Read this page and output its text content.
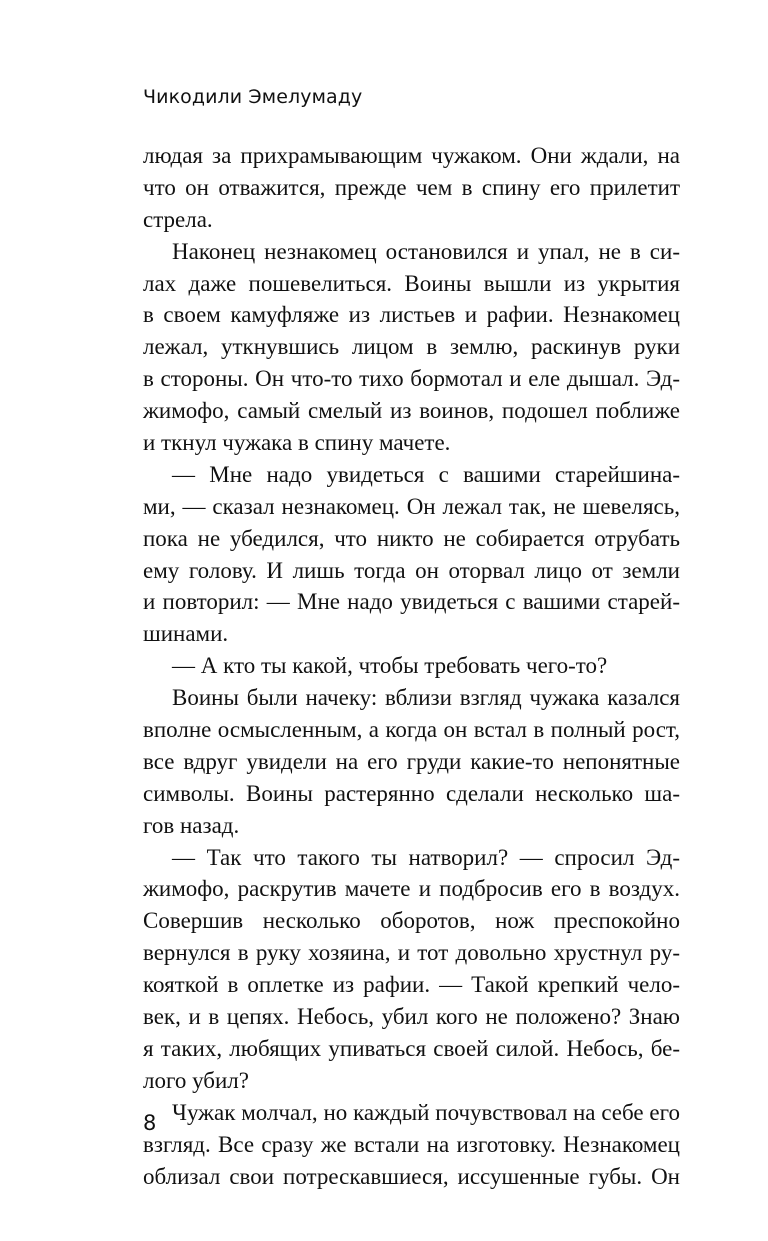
Чикодили Эмелумаду
людая за прихрамывающим чужаком. Они ждали, на
что он отважится, прежде чем в спину его прилетит
стрела.
Наконец незнакомец остановился и упал, не в си-
лах даже пошевелиться. Воины вышли из укрытия
в своем камуфляже из листьев и рафии. Незнакомец
лежал, уткнувшись лицом в землю, раскинув руки
в стороны. Он что-то тихо бормотал и еле дышал. Эд-
жимофо, самый смелый из воинов, подошел поближе
и ткнул чужака в спину мачете.
— Мне надо увидеться с вашими старейшина-
ми, — сказал незнакомец. Он лежал так, не шевелясь,
пока не убедился, что никто не собирается отрубать
ему голову. И лишь тогда он оторвал лицо от земли
и повторил: — Мне надо увидеться с вашими старей-
шинами.
— А кто ты какой, чтобы требовать чего-то?
Воины были начеку: вблизи взгляд чужака казался
вполне осмысленным, а когда он встал в полный рост,
все вдруг увидели на его груди какие-то непонятные
символы. Воины растерянно сделали несколько ша-
гов назад.
— Так что такого ты натворил? — спросил Эд-
жимофо, раскрутив мачете и подбросив его в воздух.
Совершив несколько оборотов, нож преспокойно
вернулся в руку хозяина, и тот довольно хрустнул ру-
кояткой в оплетке из рафии. — Такой крепкий чело-
век, и в цепях. Небось, убил кого не положено? Знаю
я таких, любящих упиваться своей силой. Небось, бе-
лого убил?
Чужак молчал, но каждый почувствовал на себе его
взгляд. Все сразу же встали на изготовку. Незнакомец
облизал свои потрескавшиеся, иссушенные губы. Он
8
